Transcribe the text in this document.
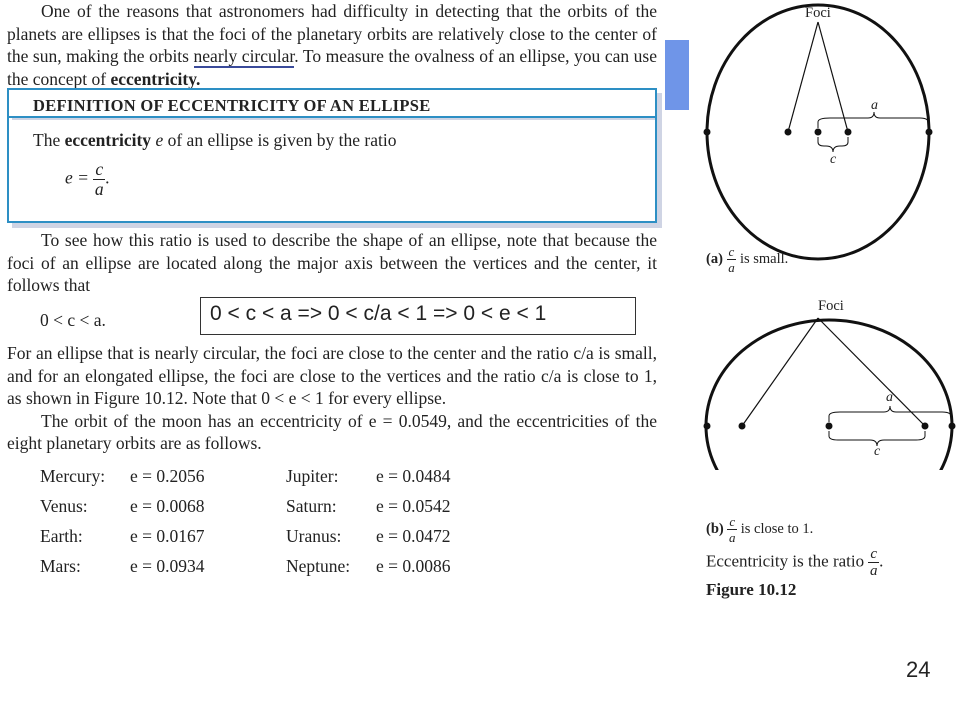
One of the reasons that astronomers had difficulty in detecting that the orbits of the planets are ellipses is that the foci of the planetary orbits are relatively close to the center of the sun, making the orbits nearly circular. To measure the ovalness of an ellipse, you can use the concept of eccentricity.
DEFINITION OF ECCENTRICITY OF AN ELLIPSE
The eccentricity e of an ellipse is given by the ratio
$e = \frac{c}{a}$ .
To see how this ratio is used to describe the shape of an ellipse, note that because the foci of an ellipse are located along the major axis between the vertices and the center, it follows that
0 < c < a.	0 < c < a => 0 < c/a < 1 => 0 < e < 1
For an ellipse that is nearly circular, the foci are close to the center and the ratio c/a is small, and for an elongated ellipse, the foci are close to the vertices and the ratio c/a is close to 1, as shown in Figure 10.12. Note that 0 < e < 1 for every ellipse.
The orbit of the moon has an eccentricity of e = 0.0549, and the eccentricities of the eight planetary orbits are as follows.
Mercury: e = 0.2056	Jupiter: e = 0.0484
Venus: e = 0.0068	Saturn: e = 0.0542
Earth:	e = 0.0167	Uranus: e = 0.0472
Mars:	e = 0.0934	Neptune: e = 0.0086
Foci
a
c
$(a) \frac{c}{a}$ is small.
Foci
a
c
$(b) \frac{c}{a}$ is close to 1.
Eccentricity is the ratio $\frac{c}{a}$ .
Figure 10.12
24
